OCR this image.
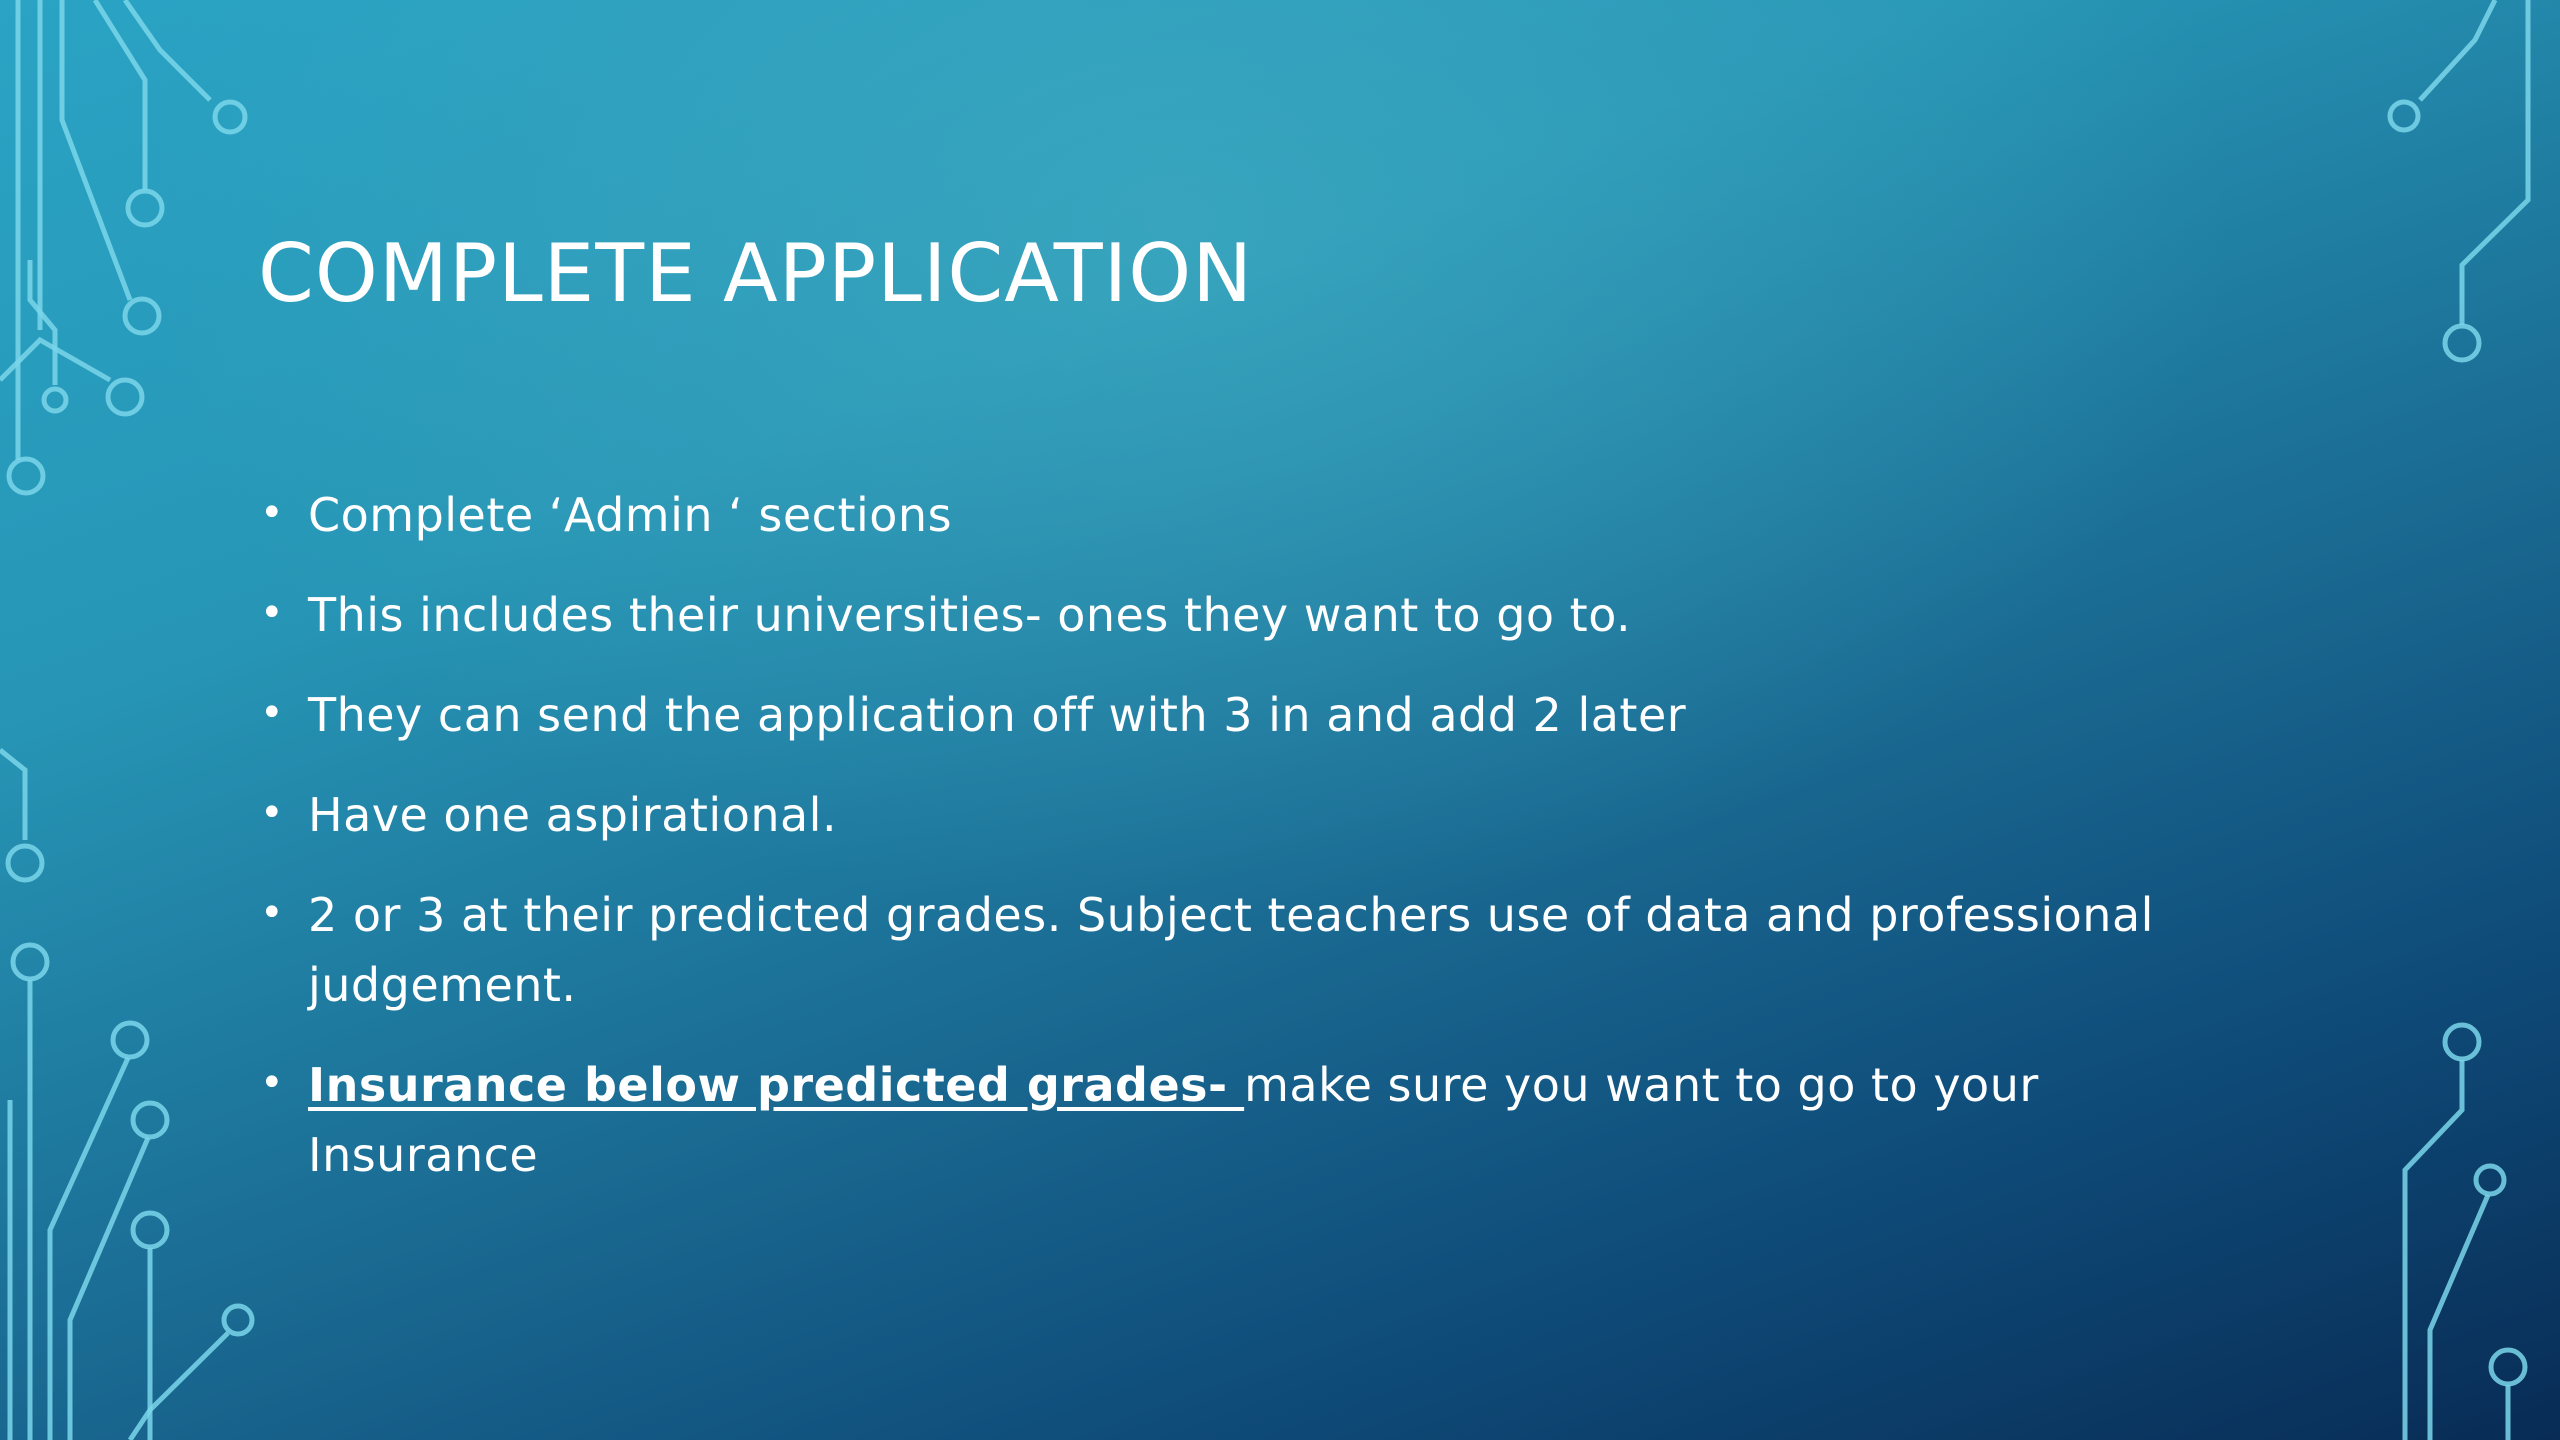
COMPLETE APPLICATION
• Complete ‘Admin ‘ sections
• This includes their universities- ones they want to go to.
• They can send the application off with 3 in and add 2 later
• Have one aspirational.
• 2 or 3 at their predicted grades. Subject teachers use of data and professional judgement.
• Insurance below predicted grades- make sure you want to go to your Insurance
